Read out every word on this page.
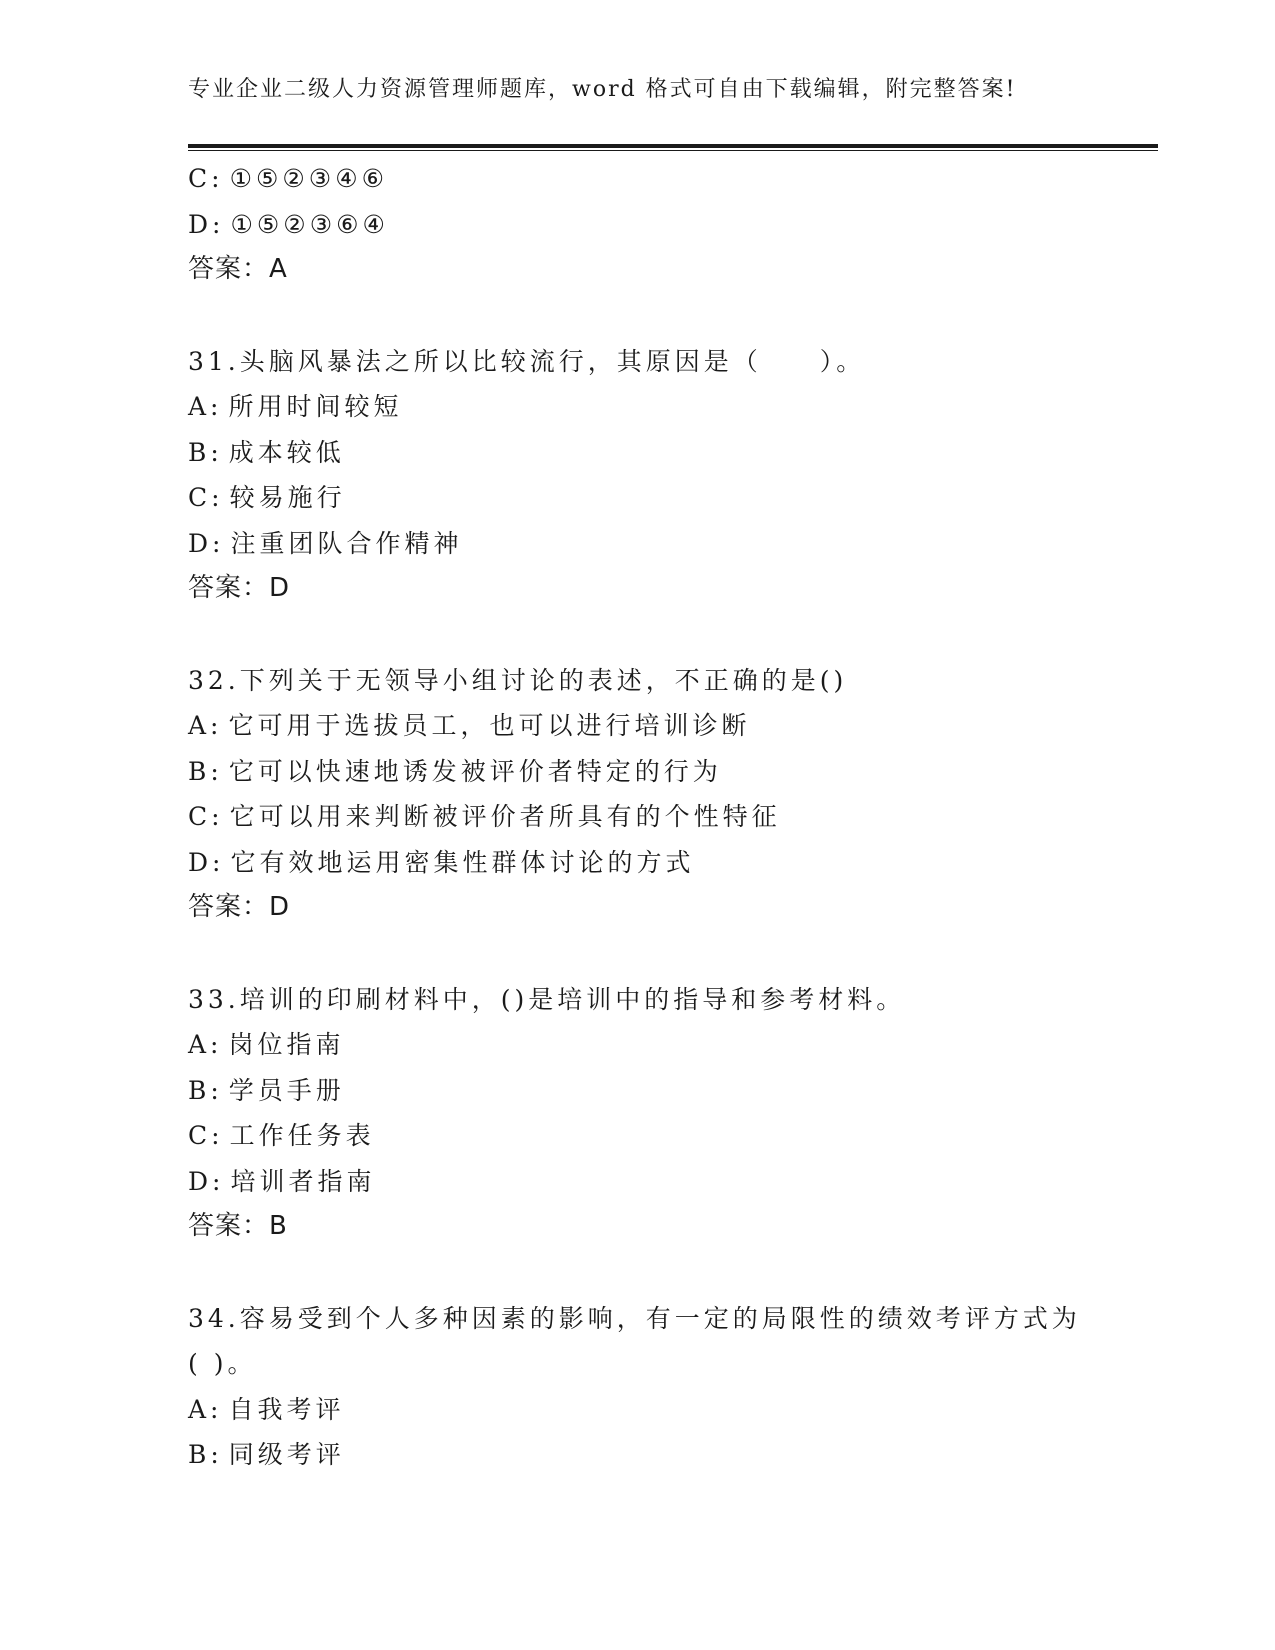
专业企业二级人力资源管理师题库，word 格式可自由下载编辑，附完整答案!
C: ①⑤②③④⑥
D: ①⑤②③⑥④
答案：A
31.头脑风暴法之所以比较流行，其原因是（　　）。
A: 所用时间较短
B: 成本较低
C: 较易施行
D: 注重团队合作精神
答案：D
32.下列关于无领导小组讨论的表述，不正确的是()
A: 它可用于选拔员工，也可以进行培训诊断
B: 它可以快速地诱发被评价者特定的行为
C: 它可以用来判断被评价者所具有的个性特征
D: 它有效地运用密集性群体讨论的方式
答案：D
33.培训的印刷材料中，()是培训中的指导和参考材料。
A: 岗位指南
B: 学员手册
C: 工作任务表
D: 培训者指南
答案：B
34.容易受到个人多种因素的影响，有一定的局限性的绩效考评方式为
( )。
A: 自我考评
B: 同级考评
